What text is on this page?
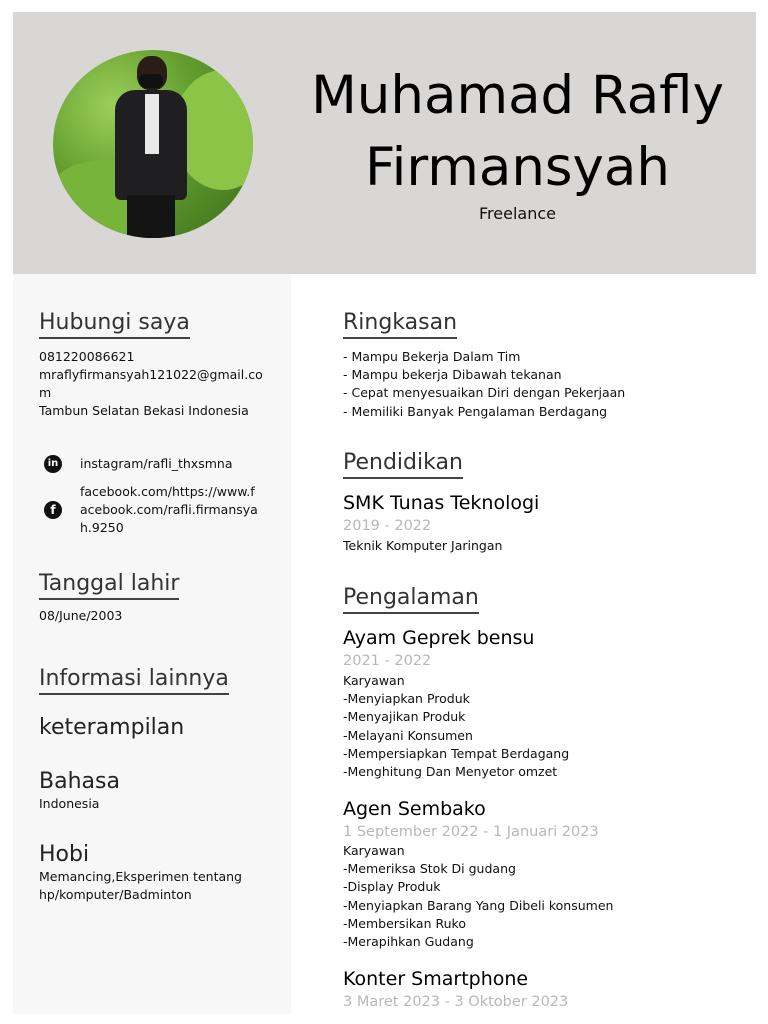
Muhamad Rafly
Firmansyah
Freelance
Hubungi saya
081220086621
mraflyfirmansyah121022@gmail.co
m
Tambun Selatan Bekasi Indonesia
in instagram/rafli_thxsmna
f
facebook.com/https://www.f
acebook.com/rafli.firmansya
h.9250
Tanggal lahir
08/June/2003
Informasi lainnya
keterampilan
Bahasa
Indonesia
Hobi
Memancing,Eksperimen tentang
hp/komputer/Badminton
Ringkasan
- Mampu Bekerja Dalam Tim
- Mampu bekerja Dibawah tekanan
- Cepat menyesuaikan Diri dengan Pekerjaan
- Memiliki Banyak Pengalaman Berdagang
Pendidikan
SMK Tunas Teknologi
2019 - 2022
Teknik Komputer Jaringan
Pengalaman
Ayam Geprek bensu
2021 - 2022
Karyawan
-Menyiapkan Produk
-Menyajikan Produk
-Melayani Konsumen
-Mempersiapkan Tempat Berdagang
-Menghitung Dan Menyetor omzet
Agen Sembako
1 September 2022 - 1 Januari 2023
Karyawan
-Memeriksa Stok Di gudang
-Display Produk
-Menyiapkan Barang Yang Dibeli konsumen
-Membersikan Ruko
-Merapihkan Gudang
Konter Smartphone
3 Maret 2023 - 3 Oktober 2023
